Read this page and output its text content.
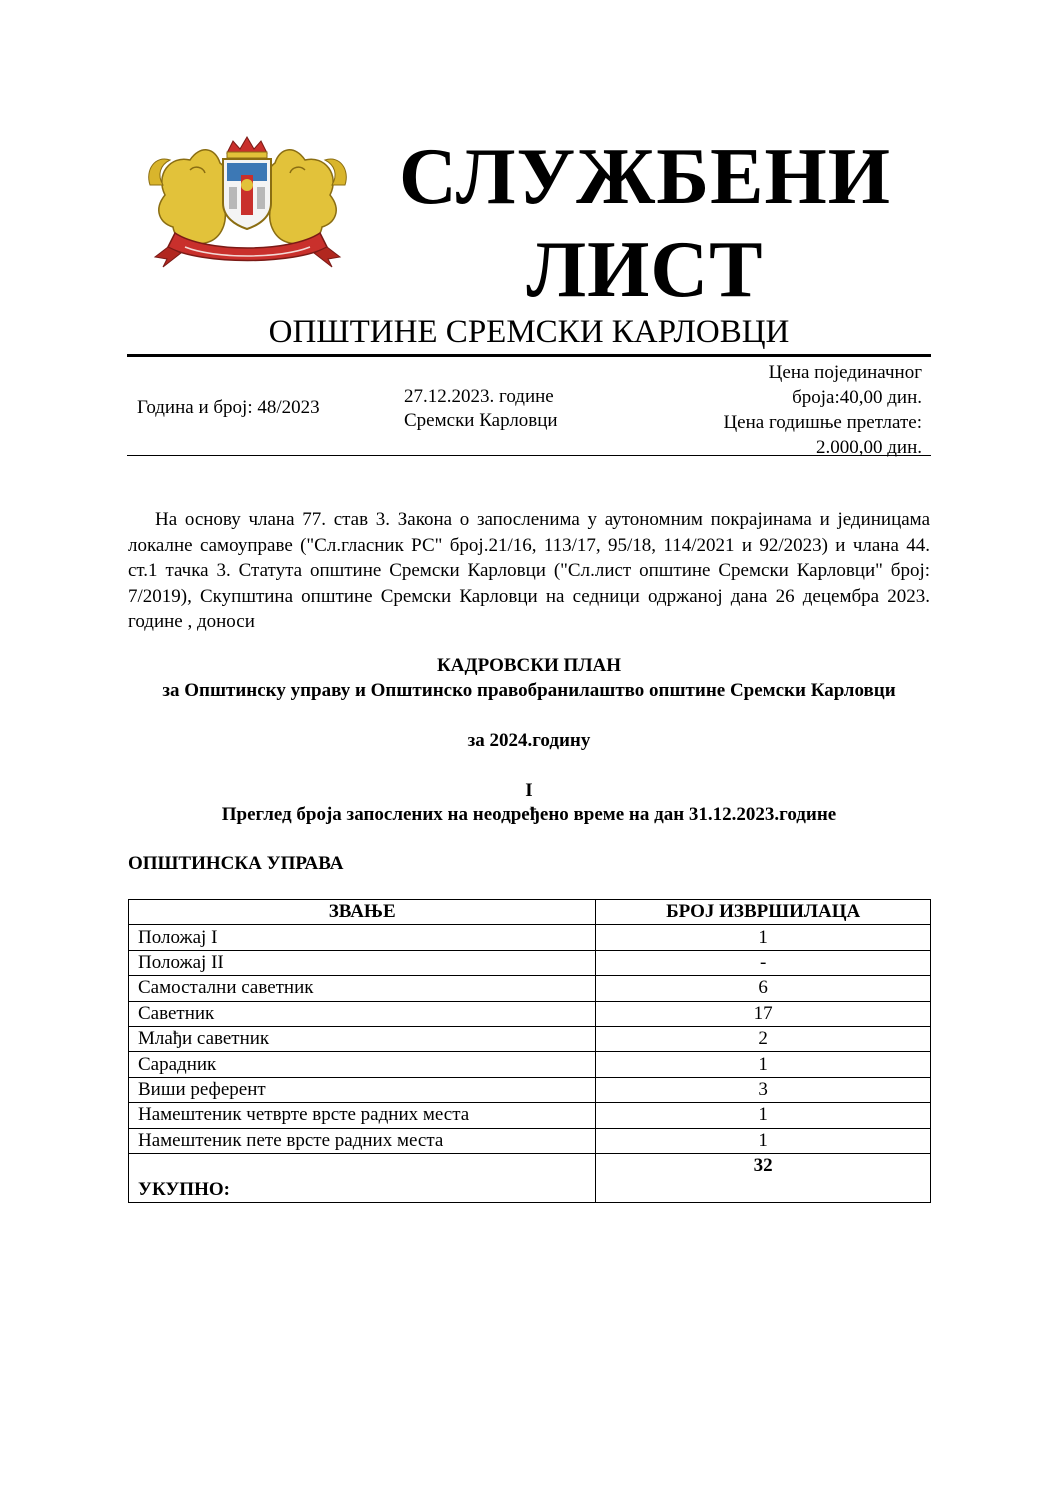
СЛУЖБЕНИ
ЛИСТ
ОПШТИНЕ СРЕМСКИ КАРЛОВЦИ
Година и број: 48/2023
27.12.2023. године
Сремски Карловци
Цена појединачног
броја:40,00 дин.
Цена годишње претлате:
2.000,00 дин.

На основу члана 77. став 3. Закона о запосленима у аутономним покрајинама и јединицама локалне самоуправе ("Сл.гласник РС" број.21/16, 113/17, 95/18, 114/2021 и 92/2023) и члана 44. ст.1 тачка 3. Статута општине Сремски Карловци ("Сл.лист општине Сремски Карловци" број: 7/2019), Скупштина општине Сремски Карловци на седници одржаној дана 26 децембра 2023. године , доноси

КАДРОВСКИ ПЛАН
за Општинску управу и Општинско правобранилаштво општине Сремски Карловци
за 2024.годину
I
Преглед броја запослених на неодређено време на дан 31.12.2023.године
ОПШТИНСКА УПРАВА
ЗВАЊЕ	БРОЈ ИЗВРШИЛАЦА
Положај I	1
Положај II	-
Самостални саветник	6
Саветник	17
Млађи саветник	2
Сарадник	1
Виши референт	3
Намештеник четврте врсте радних места	1
Намештеник пете врсте радних места	1
УКУПНО:	32
